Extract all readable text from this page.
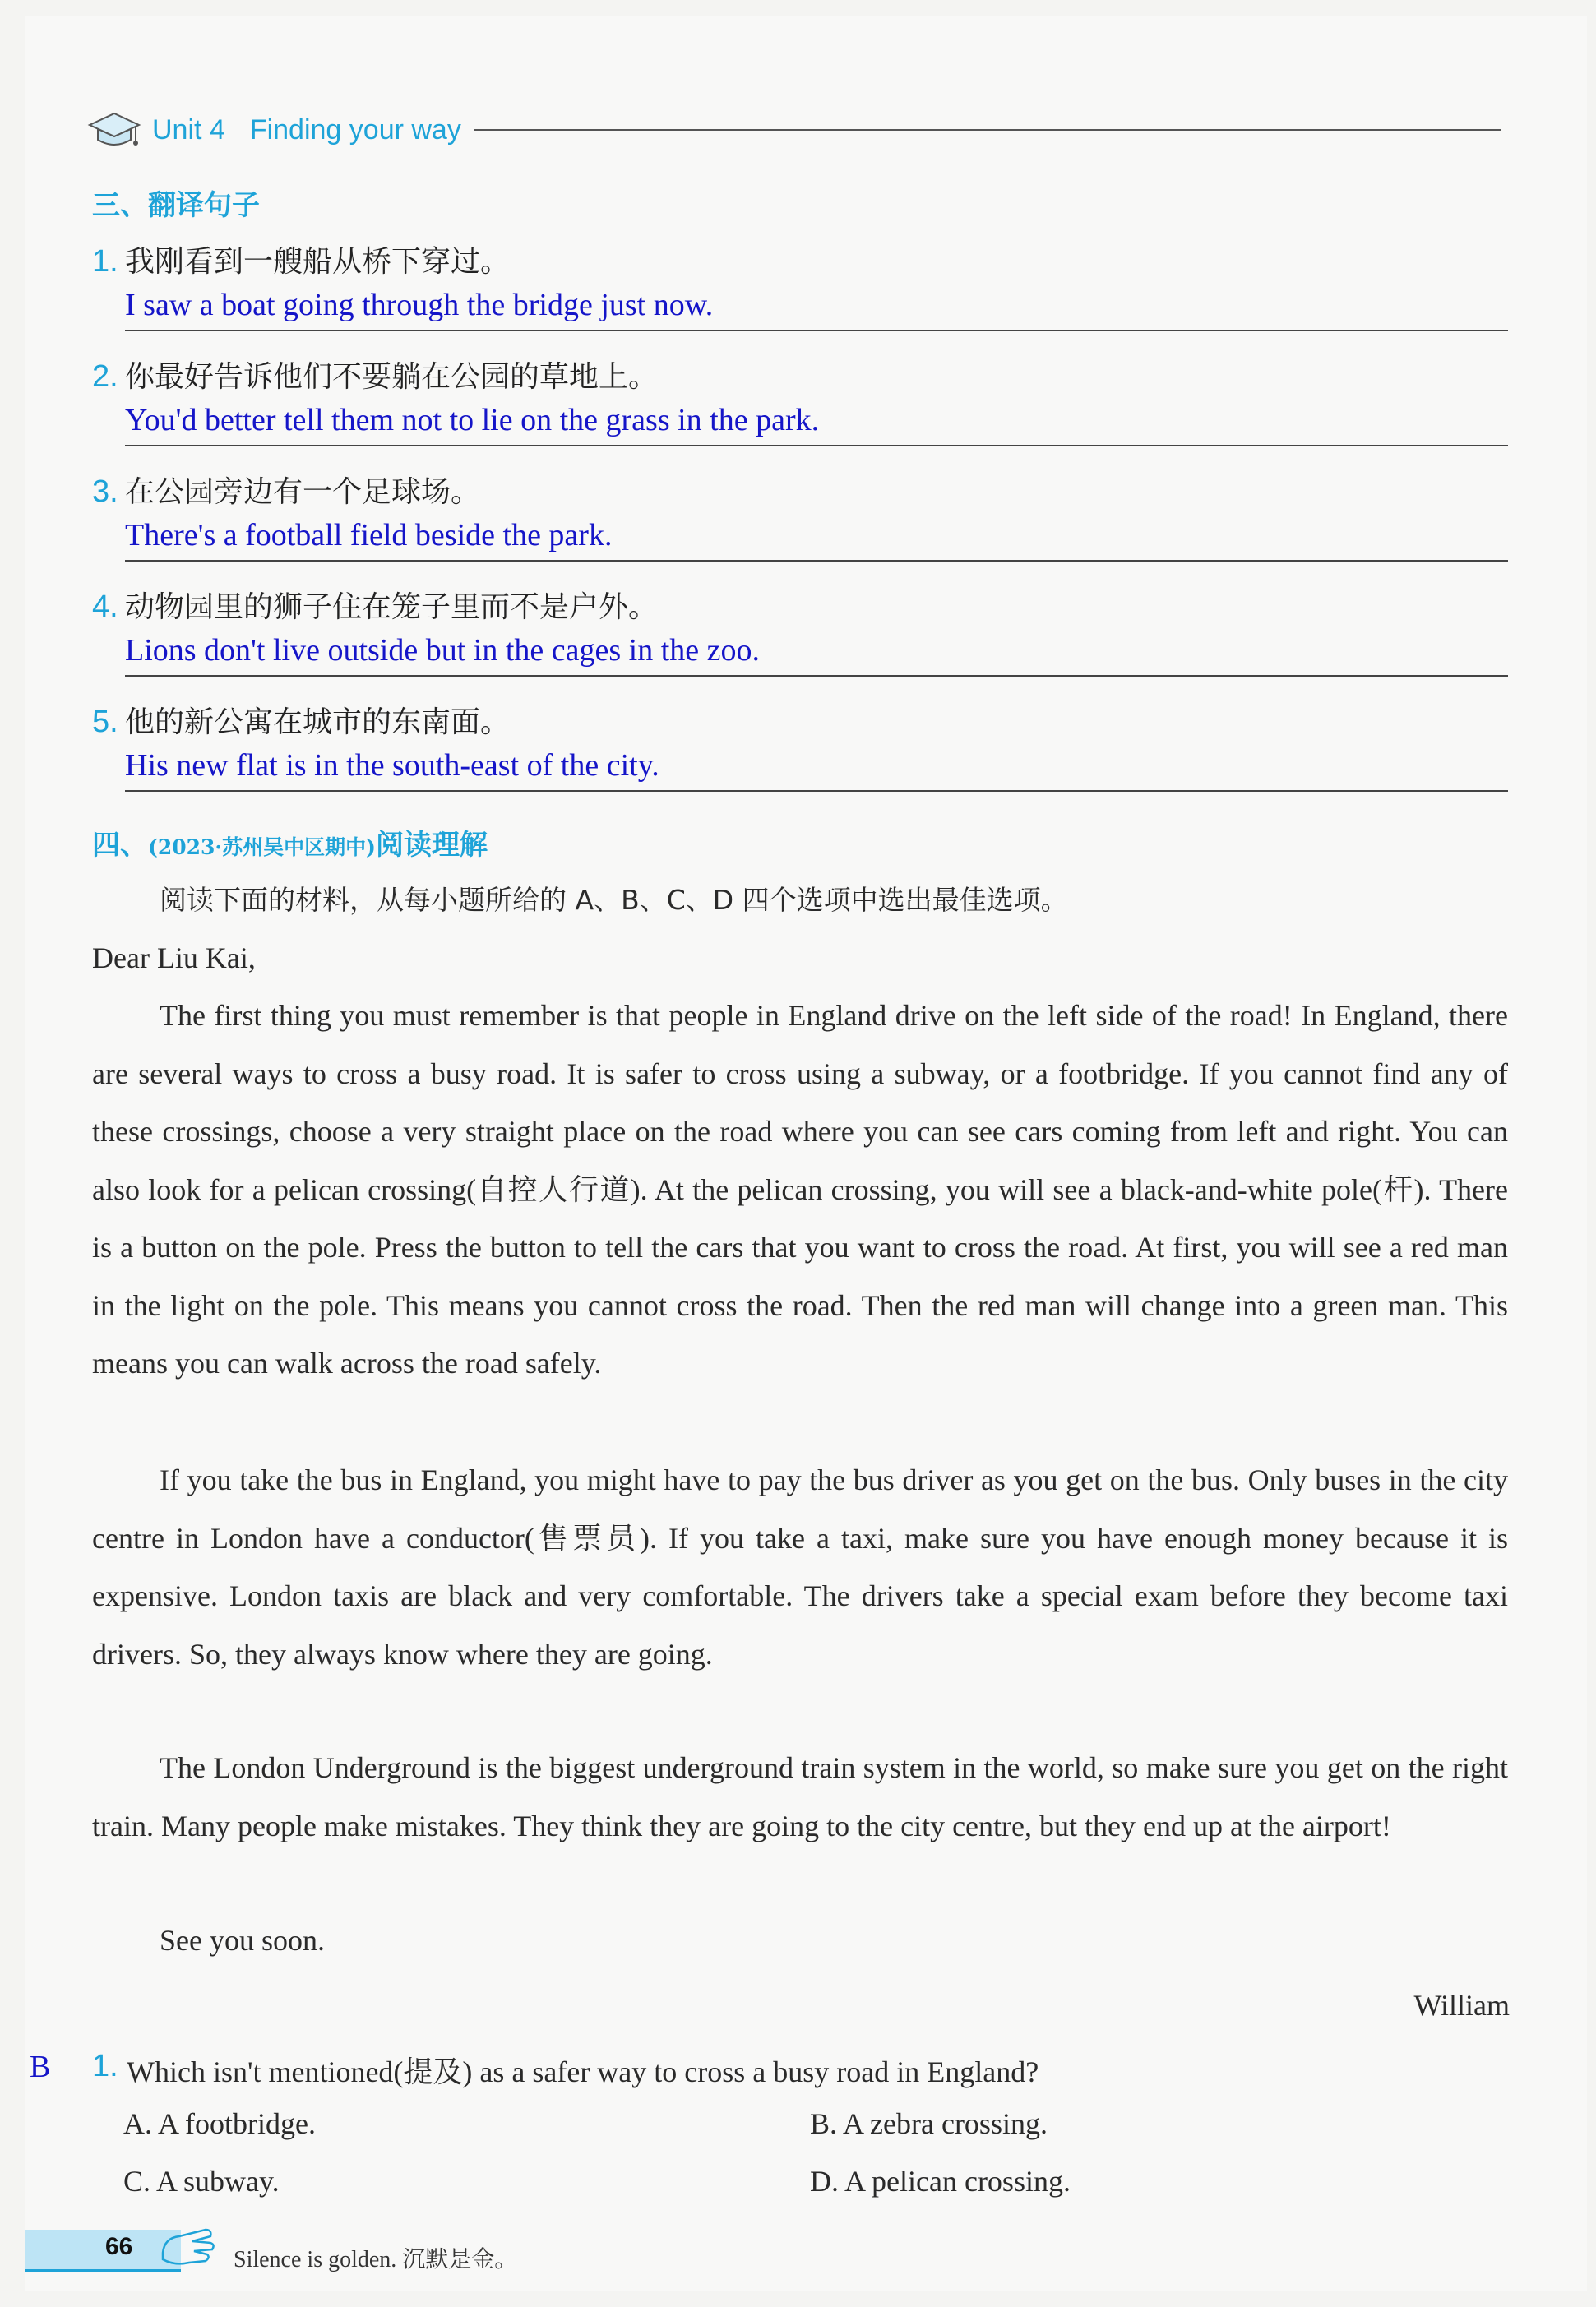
Unit 4 Finding your way
三、翻译句子
1. 我刚看到一艘船从桥下穿过。
I saw a boat going through the bridge just now.
2. 你最好告诉他们不要躺在公园的草地上。
You'd better tell them not to lie on the grass in the park.
3. 在公园旁边有一个足球场。
There's a football field beside the park.
4. 动物园里的狮子住在笼子里而不是户外。
Lions don't live outside but in the cages in the zoo.
5. 他的新公寓在城市的东南面。
His new flat is in the south-east of the city.
四、(2023·苏州吴中区期中)阅读理解
阅读下面的材料，从每小题所给的 A、B、C、D 四个选项中选出最佳选项。
Dear Liu Kai,
The first thing you must remember is that people in England drive on the left side of the road! In England, there are several ways to cross a busy road. It is safer to cross using a subway, or a footbridge. If you cannot find any of these crossings, choose a very straight place on the road where you can see cars coming from left and right. You can also look for a pelican crossing(自控人行道). At the pelican crossing, you will see a black-and-white pole(杆). There is a button on the pole. Press the button to tell the cars that you want to cross the road. At first, you will see a red man in the light on the pole. This means you cannot cross the road. Then the red man will change into a green man. This means you can walk across the road safely.
If you take the bus in England, you might have to pay the bus driver as you get on the bus. Only buses in the city centre in London have a conductor(售票员). If you take a taxi, make sure you have enough money because it is expensive. London taxis are black and very comfortable. The drivers take a special exam before they become taxi drivers. So, they always know where they are going.
The London Underground is the biggest underground train system in the world, so make sure you get on the right train. Many people make mistakes. They think they are going to the city centre, but they end up at the airport!
See you soon.
William
B 1. Which isn't mentioned(提及) as a safer way to cross a busy road in England?
A. A footbridge.	B. A zebra crossing.
C. A subway.	D. A pelican crossing.
66	Silence is golden. 沉默是金。
